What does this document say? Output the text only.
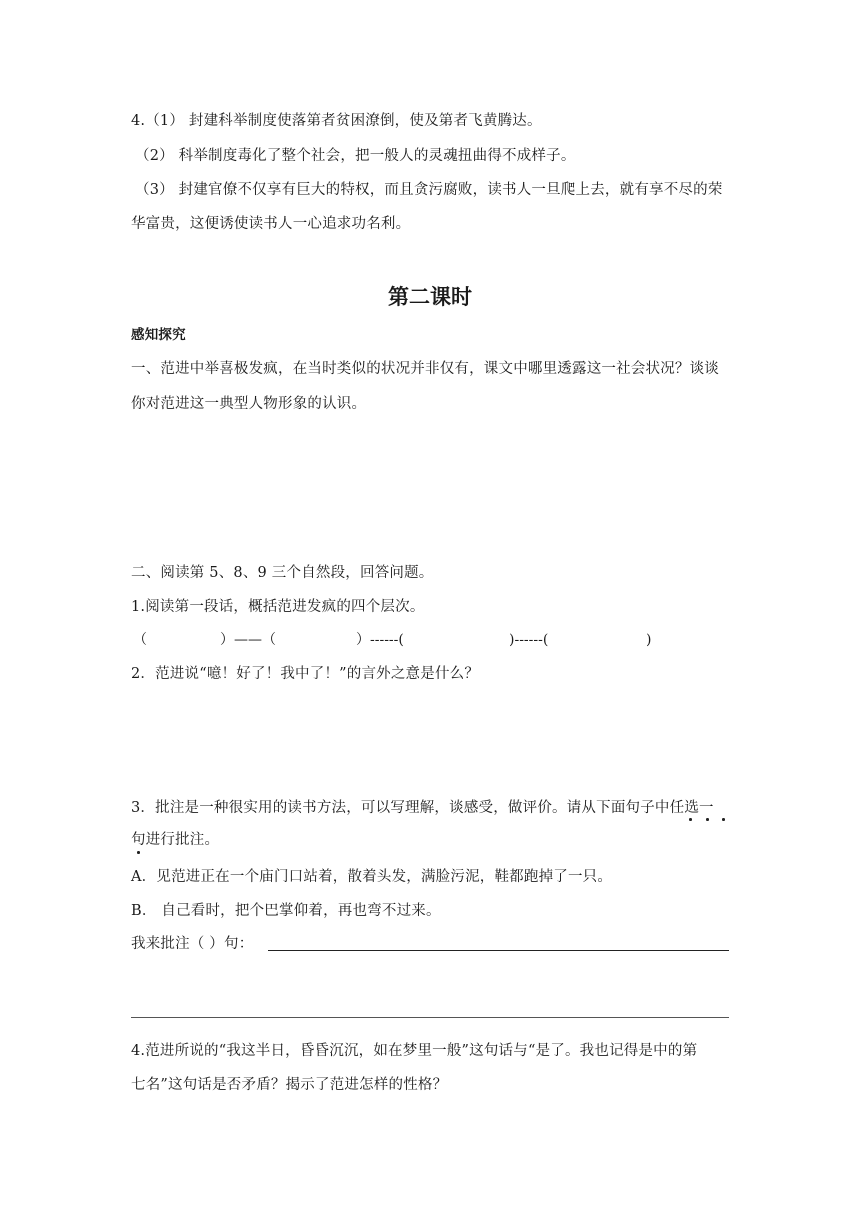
4.（1） 封建科举制度使落第者贫困潦倒，使及第者飞黄腾达。
（2） 科举制度毒化了整个社会，把一般人的灵魂扭曲得不成样子。
（3） 封建官僚不仅享有巨大的特权，而且贪污腐败，读书人一旦爬上去，就有享不尽的荣
华富贵，这便诱使读书人一心追求功名利。
第二课时
感知探究
一、范进中举喜极发疯，在当时类似的状况并非仅有，课文中哪里透露这一社会状况？谈谈
你对范进这一典型人物形象的认识。
二、阅读第 5、8、9 三个自然段，回答问题。
1.阅读第一段话，概括范进发疯的四个层次。
（	）——（	）------(	)------(	)
2．范进说“噫！好了！我中了！”的言外之意是什么？
3．批注是一种很实用的读书方法，可以写理解，谈感受，做评价。请从下面句子中任选一
句进行批注。
A．见范进正在一个庙门口站着，散着头发，满脸污泥，鞋都跑掉了一只。
B． 自己看时，把个巴掌仰着，再也弯不过来。
我来批注（ ）句：
4.范进所说的“我这半日，昏昏沉沉，如在梦里一般”这句话与“是了。我也记得是中的第
七名”这句话是否矛盾？揭示了范进怎样的性格？
